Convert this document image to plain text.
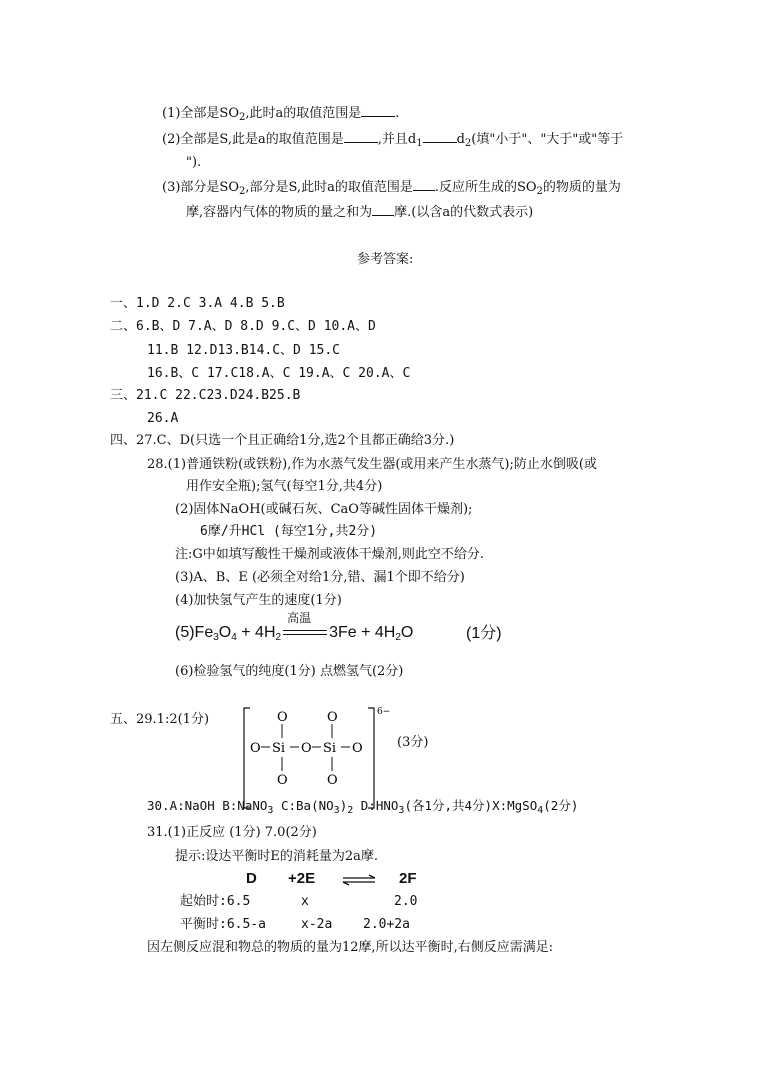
(1)全部是$SO_2$,此时a的取值范围是	.
(2)全部是S,此是a的取值范围是	,并且$d_1$	$d_2$(填"小于"、"大于"或"等于
").
(3)部分是$SO_2$,部分是S,此时a的取值范围是 .反应所生成的$SO_2$的物质的量为
摩,容器内气体的物质的量之和为 摩.(以含a的代数式表示)
参考答案:
一、1.D 2.C 3.A 4.B 5.B
二、6.B、D 7.A、D 8.D 9.C、D 10.A、D
11.B 12.D13.B14.C、D 15.C
16.B、C 17.C18.A、C 19.A、C 20.A、C
三、21.C 22.C23.D24.B25.B
26.A
四、27.C、D(只选一个且正确给1分,选2个且都正确给3分.)
28.(1)普通铁粉(或铁粉),作为水蒸气发生器(或用来产生水蒸气);防止水倒吸(或
用作安全瓶);氢气(每空1分,共4分)
(2)固体NaOH(或碱石灰、CaO等碱性固体干燥剂);
6摩/升HCl (每空1分,共2分)
注:G中如填写酸性干燥剂或液体干燥剂,则此空不给分.
(3)A、B、E (必须全对给1分,错、漏1个即不给分)
(4)加快氢气产生的速度(1分)
$(5)Fe_3O_4 + 4H_2$
高温
$3Fe + 4H_2O$	(1分)
(6)检验氢气的纯度(1分) 点燃氢气(2分)
五、29.1:2(1分)	O	O
O Si O Si O
O	O
6−
(3分)
30.A:NaOH B:NaNO$_3$ $C:Ba(NO_3)_2$ $D:HNO_3$(各1分,共4分)X:MgSO$_4$(2分)
31.(1)正反应 (1分) 7.0(2分)
提示:设达平衡时E的消耗量为2a摩.
D +2E	2F
起始时:6.5	x	2.0
平衡时:6.5-a	x-2a 2.0+2a
因左侧反应混和物总的物质的量为12摩,所以达平衡时,右侧反应需满足:
